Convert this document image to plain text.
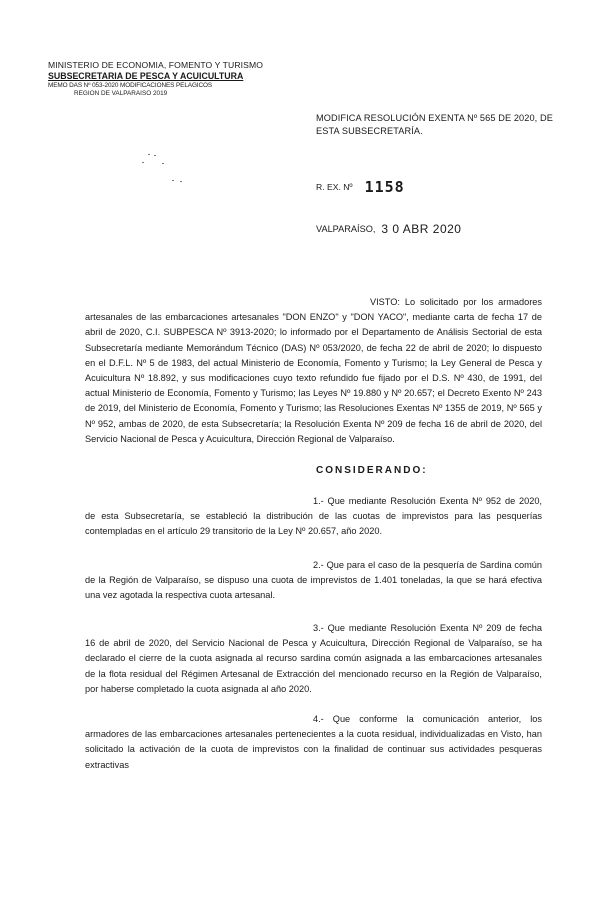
MINISTERIO DE ECONOMIA, FOMENTO Y TURISMO
SUBSECRETARIA DE PESCA Y ACUICULTURA
MEMO DAS Nº 053-2020 MODIFICACIONES PELAGICOS
REGION DE VALPARAISO 2019
MODIFICA RESOLUCIÓN EXENTA Nº 565 DE 2020, DE ESTA SUBSECRETARÍA.
R. EX. Nº 1158
VALPARAÍSO, 3 0 ABR 2020
VISTO: Lo solicitado por los armadores artesanales de las embarcaciones artesanales "DON ENZO" y "DON YACO", mediante carta de fecha 17 de abril de 2020, C.I. SUBPESCA Nº 3913-2020; lo informado por el Departamento de Análisis Sectorial de esta Subsecretaría mediante Memorándum Técnico (DAS) Nº 053/2020, de fecha 22 de abril de 2020; lo dispuesto en el D.F.L. Nº 5 de 1983, del actual Ministerio de Economía, Fomento y Turismo; la Ley General de Pesca y Acuicultura Nº 18.892, y sus modificaciones cuyo texto refundido fue fijado por el D.S. Nº 430, de 1991, del actual Ministerio de Economía, Fomento y Turismo; las Leyes Nº 19.880 y Nº 20.657; el Decreto Exento Nº 243 de 2019, del Ministerio de Economía, Fomento y Turismo; las Resoluciones Exentas Nº 1355 de 2019, Nº 565 y Nº 952, ambas de 2020, de esta Subsecretaría; la Resolución Exenta Nº 209 de fecha 16 de abril de 2020, del Servicio Nacional de Pesca y Acuicultura, Dirección Regional de Valparaíso.
CONSIDERANDO:
1.- Que mediante Resolución Exenta Nº 952 de 2020, de esta Subsecretaría, se estableció la distribución de las cuotas de imprevistos para las pesquerías contempladas en el artículo 29 transitorio de la Ley Nº 20.657, año 2020.
2.- Que para el caso de la pesquería de Sardina común de la Región de Valparaíso, se dispuso una cuota de imprevistos de 1.401 toneladas, la que se hará efectiva una vez agotada la respectiva cuota artesanal.
3.- Que mediante Resolución Exenta Nº 209 de fecha 16 de abril de 2020, del Servicio Nacional de Pesca y Acuicultura, Dirección Regional de Valparaíso, se ha declarado el cierre de la cuota asignada al recurso sardina común asignada a las embarcaciones artesanales de la flota residual del Régimen Artesanal de Extracción del mencionado recurso en la Región de Valparaíso, por haberse completado la cuota asignada al año 2020.
4.- Que conforme la comunicación anterior, los armadores de las embarcaciones artesanales pertenecientes a la cuota residual, individualizadas en Visto, han solicitado la activación de la cuota de imprevistos con la finalidad de continuar sus actividades pesqueras extractivas
